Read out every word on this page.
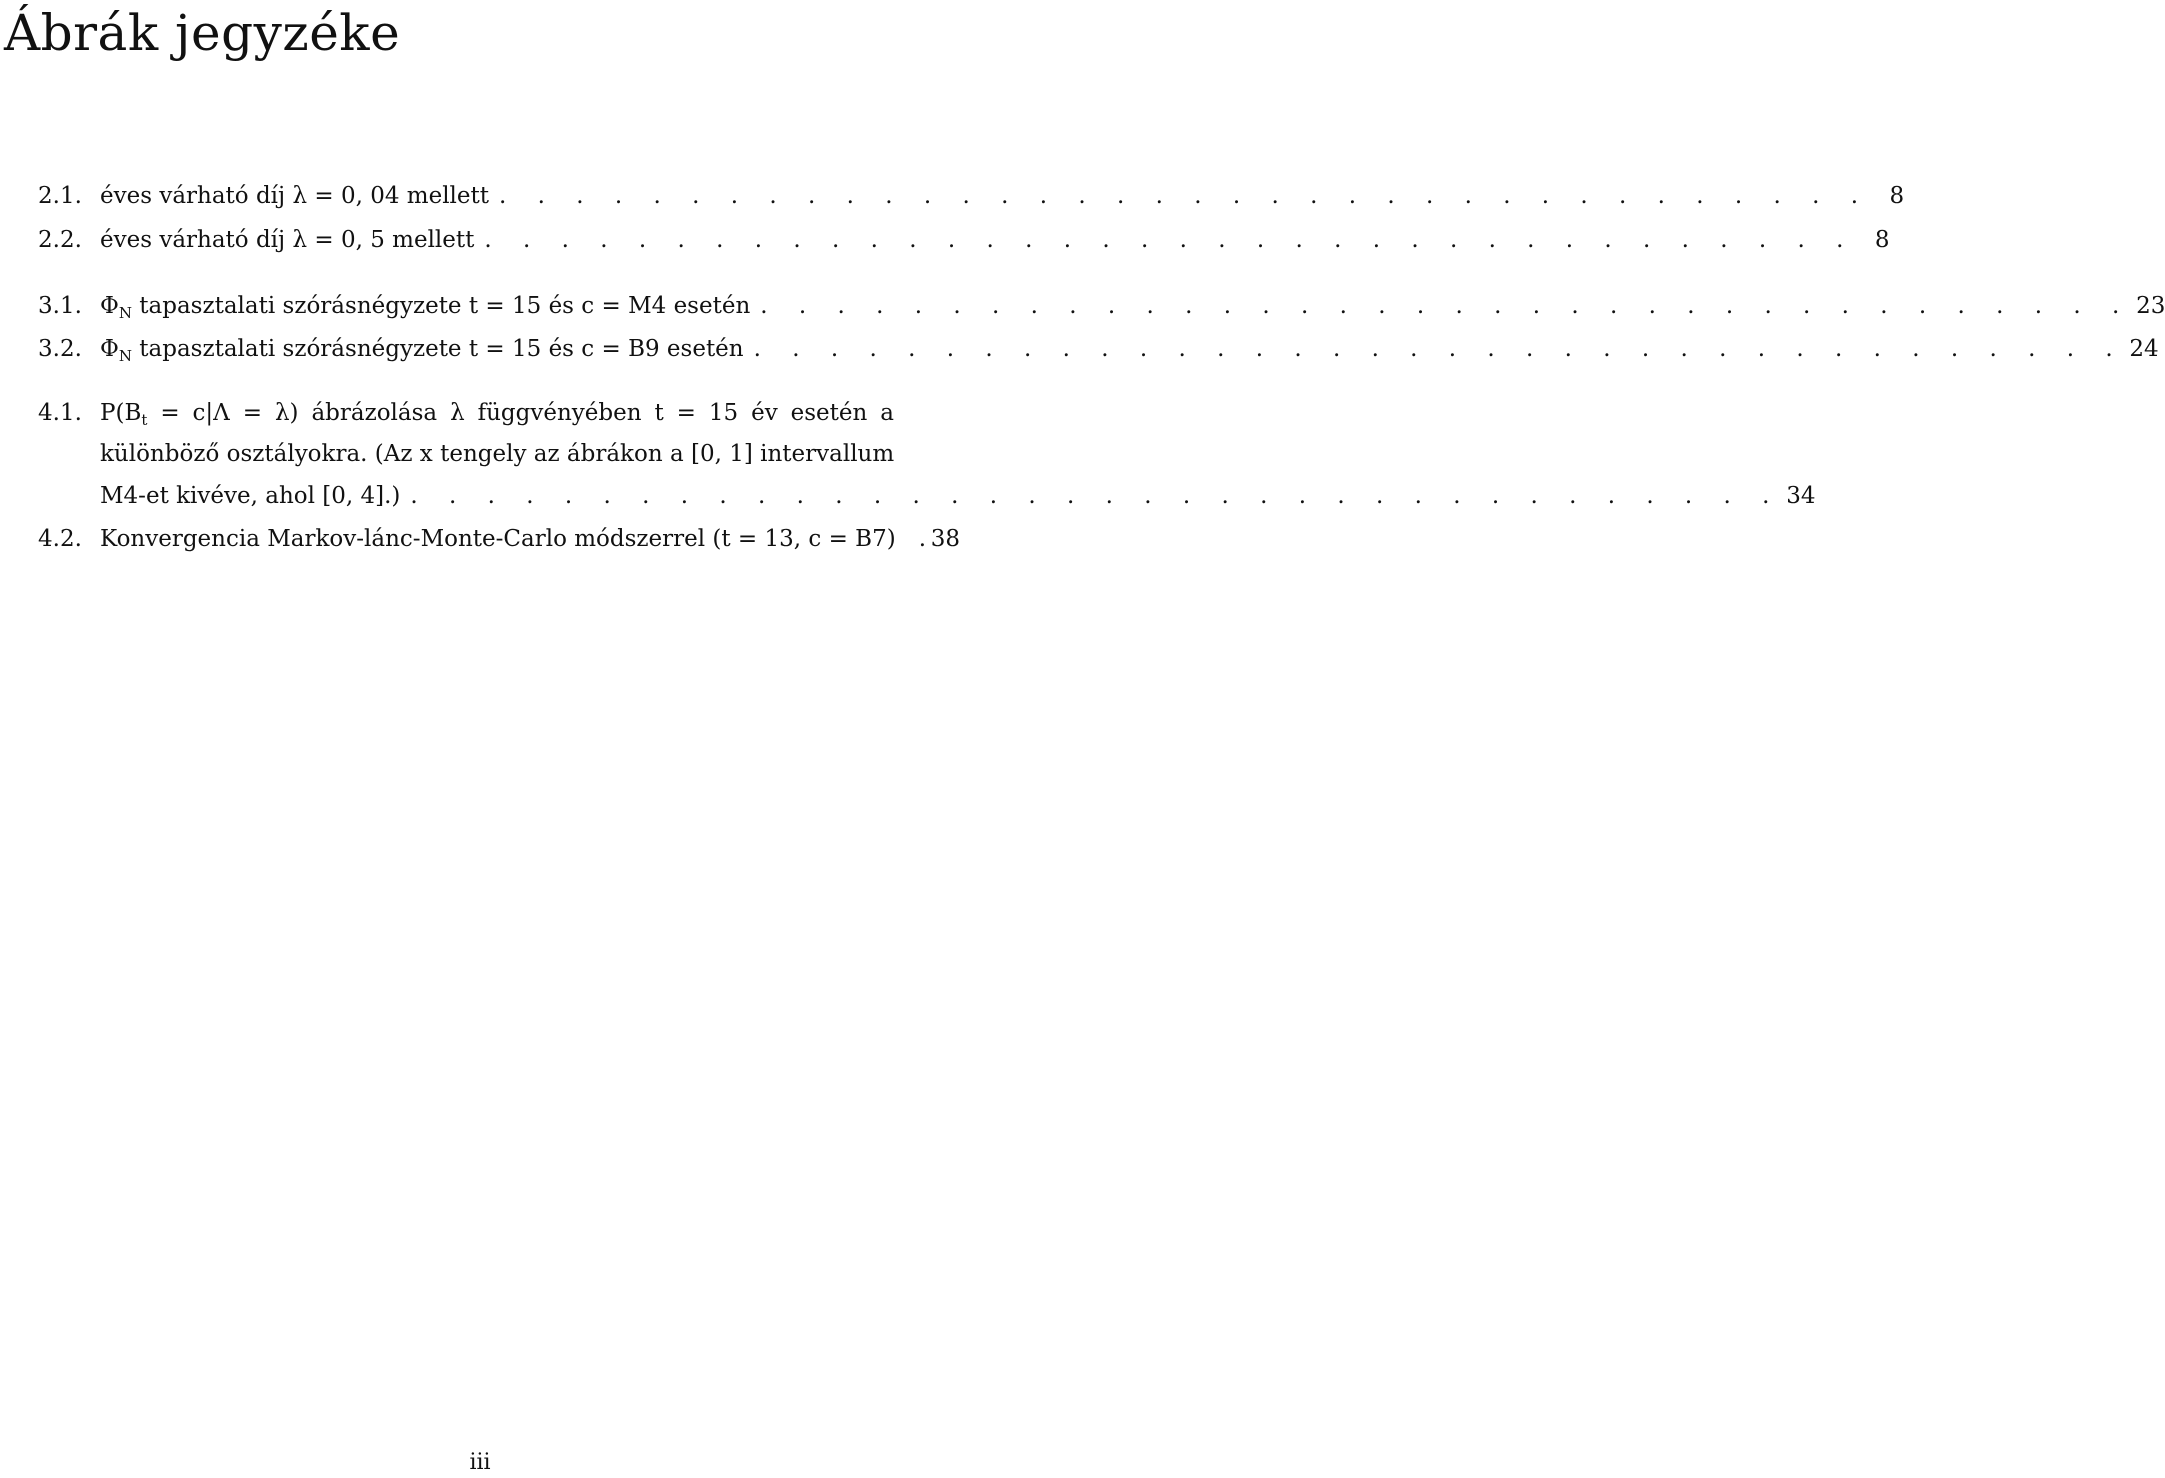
Ábrák jegyzéke
2.1. éves várható díj λ = 0, 04 mellett . . . . . . . . . . . . . . . . . . . . . . . . . . . . . . . . . . . . 8
2.2. éves várható díj λ = 0, 5 mellett . . . . . . . . . . . . . . . . . . . . . . . . . . . . . . . . . . . . 8
3.1. $\Phi_N$ tapasztalati szórásnégyzete t = 15 és c = M4 esetén . . . . . . . . . . . . . . . . . . . . . . . . . . . . . . . . . . . . 23
3.2. $\Phi_N$ tapasztalati szórásnégyzete t = 15 és c = B9 esetén . . . . . . . . . . . . . . . . . . . . . . . . . . . . . . . . . . . . 24
4.1. $P(B_t = c|\Lambda = \lambda)$ ábrázolása λ függvényében t = 15 év esetén a
különböző osztályokra. (Az x tengely az ábrákon a [0, 1] intervallum
M4-et kivéve, ahol [0, 4].) . . . . . . . . . . . . . . . . . . . . . . . . . . . . . . . . . . . . 34
4.2. Konvergencia Markov-lánc-Monte-Carlo módszerrel (t = 13, c = B7) . 38
iii
